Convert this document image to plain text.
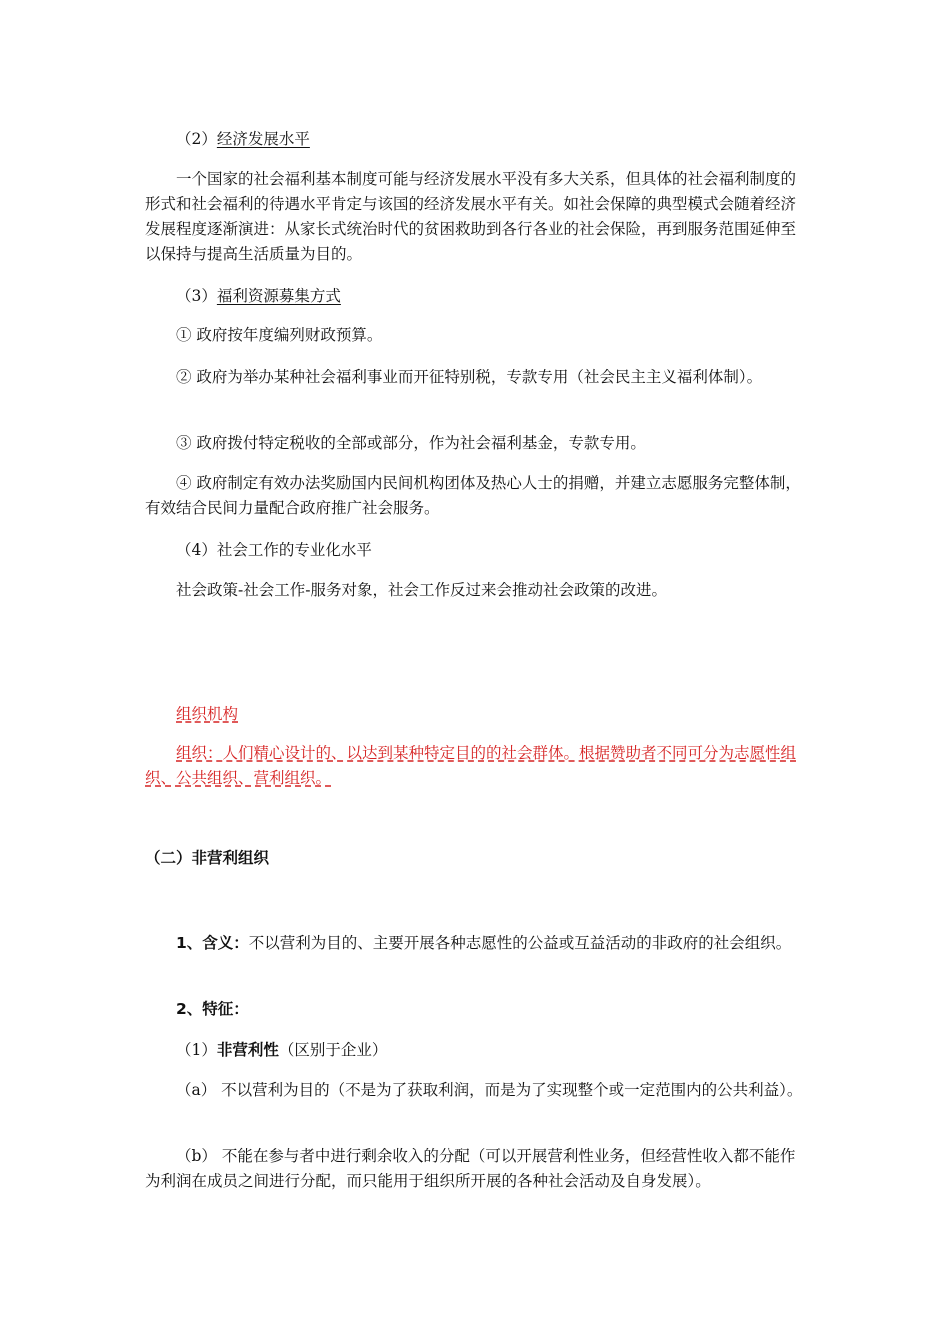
（2）经济发展水平
一个国家的社会福利基本制度可能与经济发展水平没有多大关系，但具体的社会福利制度的形式和社会福利的待遇水平肯定与该国的经济发展水平有关。如社会保障的典型模式会随着经济发展程度逐渐演进：从家长式统治时代的贫困救助到各行各业的社会保险，再到服务范围延伸至以保持与提高生活质量为目的。
（3）福利资源募集方式
① 政府按年度编列财政预算。
② 政府为举办某种社会福利事业而开征特别税，专款专用（社会民主主义福利体制）。
③ 政府拨付特定税收的全部或部分，作为社会福利基金，专款专用。
④ 政府制定有效办法奖励国内民间机构团体及热心人士的捐赠，并建立志愿服务完整体制，有效结合民间力量配合政府推广社会服务。
（4）社会工作的专业化水平
社会政策-社会工作-服务对象，社会工作反过来会推动社会政策的改进。
组织机构
组织：人们精心设计的、以达到某种特定目的的社会群体。根据赞助者不同可分为志愿性组织、公共组织、营利组织。
（二）非营利组织
1、含义：不以营利为目的、主要开展各种志愿性的公益或互益活动的非政府的社会组织。
2、特征：
（1）非营利性（区别于企业）
（a） 不以营利为目的（不是为了获取利润，而是为了实现整个或一定范围内的公共利益）。
（b） 不能在参与者中进行剩余收入的分配（可以开展营利性业务，但经营性收入都不能作为利润在成员之间进行分配，而只能用于组织所开展的各种社会活动及自身发展）。
